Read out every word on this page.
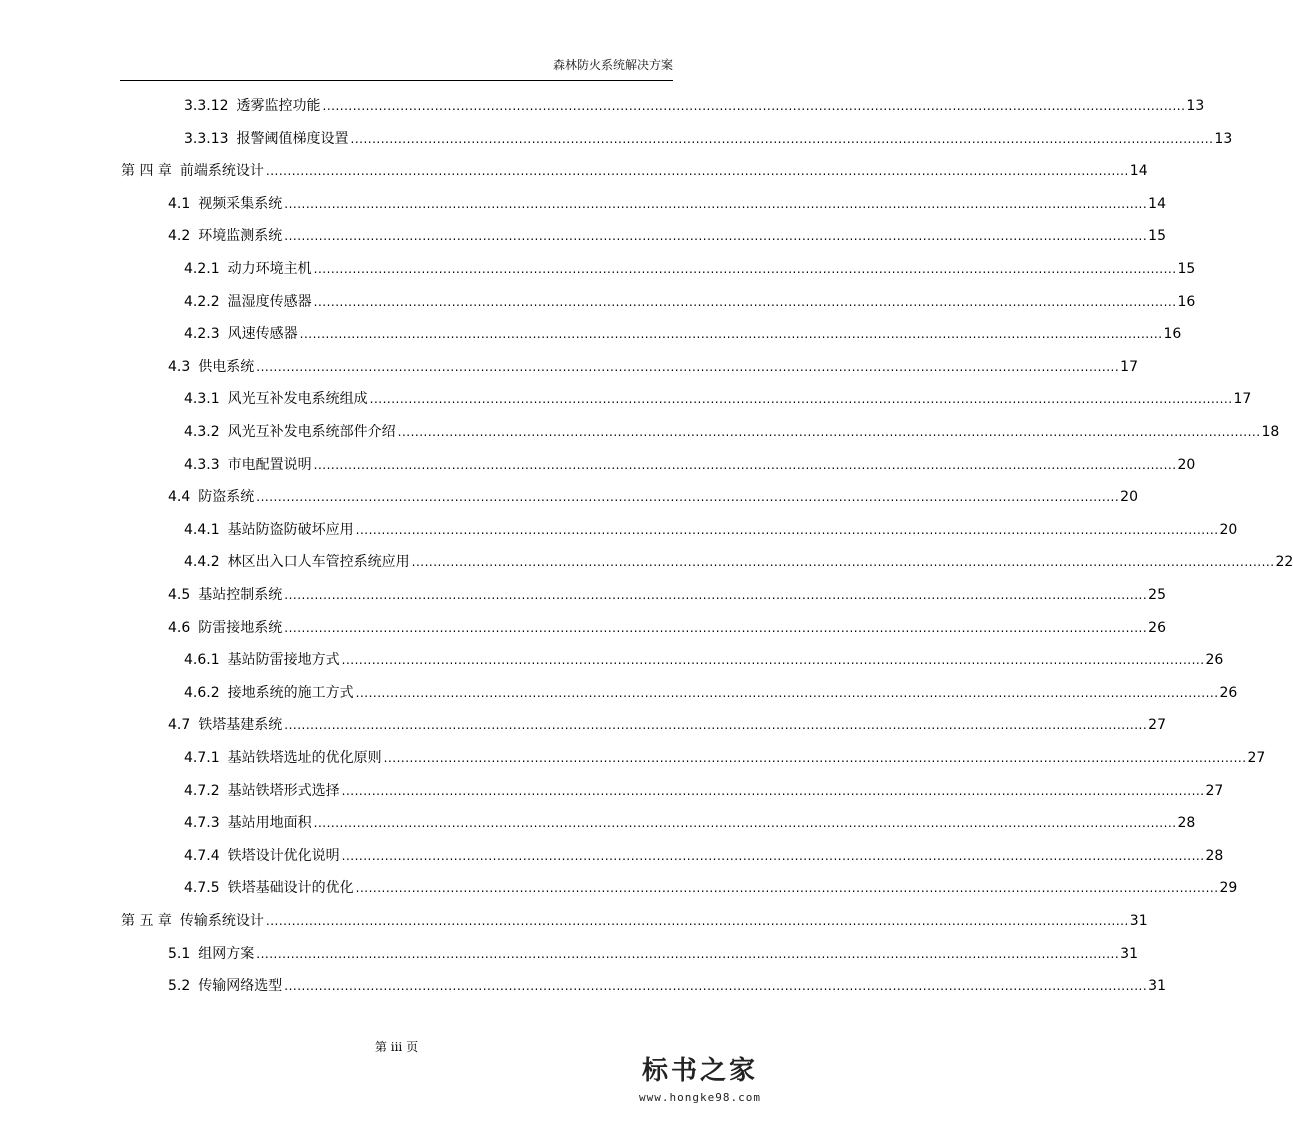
森林防火系统解决方案
3.3.12 透雾监控功能 ........................................................................................................................................................................................................ 13
3.3.13 报警阈值梯度设置 ........................................................................................................................................................................................................ 13
第 四 章 前端系统设计 ........................................................................................................................................................................................................ 14
4.1 视频采集系统 ........................................................................................................................................................................................................ 14
4.2 环境监测系统 ........................................................................................................................................................................................................ 15
4.2.1 动力环境主机 ........................................................................................................................................................................................................ 15
4.2.2 温湿度传感器 ........................................................................................................................................................................................................ 16
4.2.3 风速传感器 ........................................................................................................................................................................................................ 16
4.3 供电系统 ........................................................................................................................................................................................................ 17
4.3.1 风光互补发电系统组成 ........................................................................................................................................................................................................ 17
4.3.2 风光互补发电系统部件介绍 ........................................................................................................................................................................................................ 18
4.3.3 市电配置说明 ........................................................................................................................................................................................................ 20
4.4 防盗系统 ........................................................................................................................................................................................................ 20
4.4.1 基站防盗防破坏应用 ........................................................................................................................................................................................................ 20
4.4.2 林区出入口人车管控系统应用 ........................................................................................................................................................................................................ 22
4.5 基站控制系统 ........................................................................................................................................................................................................ 25
4.6 防雷接地系统 ........................................................................................................................................................................................................ 26
4.6.1 基站防雷接地方式 ........................................................................................................................................................................................................ 26
4.6.2 接地系统的施工方式 ........................................................................................................................................................................................................ 26
4.7 铁塔基建系统 ........................................................................................................................................................................................................ 27
4.7.1 基站铁塔选址的优化原则 ........................................................................................................................................................................................................ 27
4.7.2 基站铁塔形式选择 ........................................................................................................................................................................................................ 27
4.7.3 基站用地面积 ........................................................................................................................................................................................................ 28
4.7.4 铁塔设计优化说明 ........................................................................................................................................................................................................ 28
4.7.5 铁塔基础设计的优化 ........................................................................................................................................................................................................ 29
第 五 章 传输系统设计 ........................................................................................................................................................................................................ 31
5.1 组网方案 ........................................................................................................................................................................................................ 31
5.2 传输网络选型 ........................................................................................................................................................................................................ 31
第 iii 页
标书之家
www.hongke98.com
